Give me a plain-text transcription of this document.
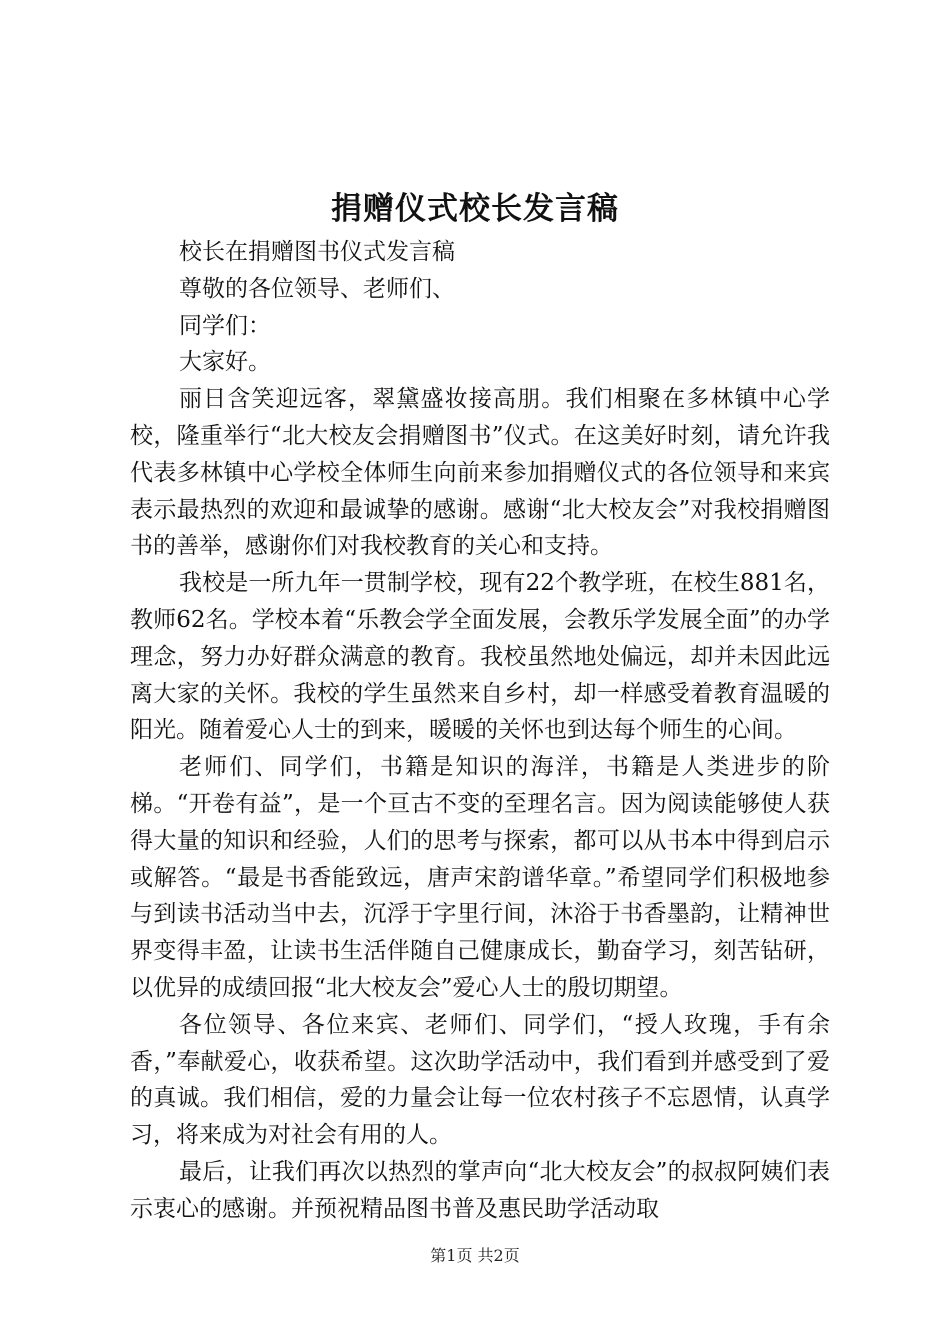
捐赠仪式校长发言稿

校长在捐赠图书仪式发言稿

尊敬的各位领导、老师们、

同学们：

大家好。

丽日含笑迎远客，翠黛盛妆接高朋。我们相聚在多林镇中心学校，隆重举行“北大校友会捐赠图书”仪式。在这美好时刻，请允许我代表多林镇中心学校全体师生向前来参加捐赠仪式的各位领导和来宾表示最热烈的欢迎和最诚挚的感谢。感谢“北大校友会”对我校捐赠图书的善举，感谢你们对我校教育的关心和支持。

我校是一所九年一贯制学校，现有22个教学班，在校生881名，教师62名。学校本着“乐教会学全面发展，会教乐学发展全面”的办学理念，努力办好群众满意的教育。我校虽然地处偏远，却并未因此远离大家的关怀。我校的学生虽然来自乡村，却一样感受着教育温暖的阳光。随着爱心人士的到来，暖暖的关怀也到达每个师生的心间。

老师们、同学们，书籍是知识的海洋，书籍是人类进步的阶梯。“开卷有益”，是一个亘古不变的至理名言。因为阅读能够使人获得大量的知识和经验，人们的思考与探索，都可以从书本中得到启示或解答。“最是书香能致远，唐声宋韵谱华章。”希望同学们积极地参与到读书活动当中去，沉浮于字里行间，沐浴于书香墨韵，让精神世界变得丰盈，让读书生活伴随自己健康成长，勤奋学习，刻苦钻研，以优异的成绩回报“北大校友会”爱心人士的殷切期望。

各位领导、各位来宾、老师们、同学们，“授人玫瑰，手有余香，”奉献爱心，收获希望。这次助学活动中，我们看到并感受到了爱的真诚。我们相信，爱的力量会让每一位农村孩子不忘恩情，认真学习，将来成为对社会有用的人。

最后，让我们再次以热烈的掌声向“北大校友会”的叔叔阿姨们表示衷心的感谢。并预祝精品图书普及惠民助学活动取

第1页 共2页
